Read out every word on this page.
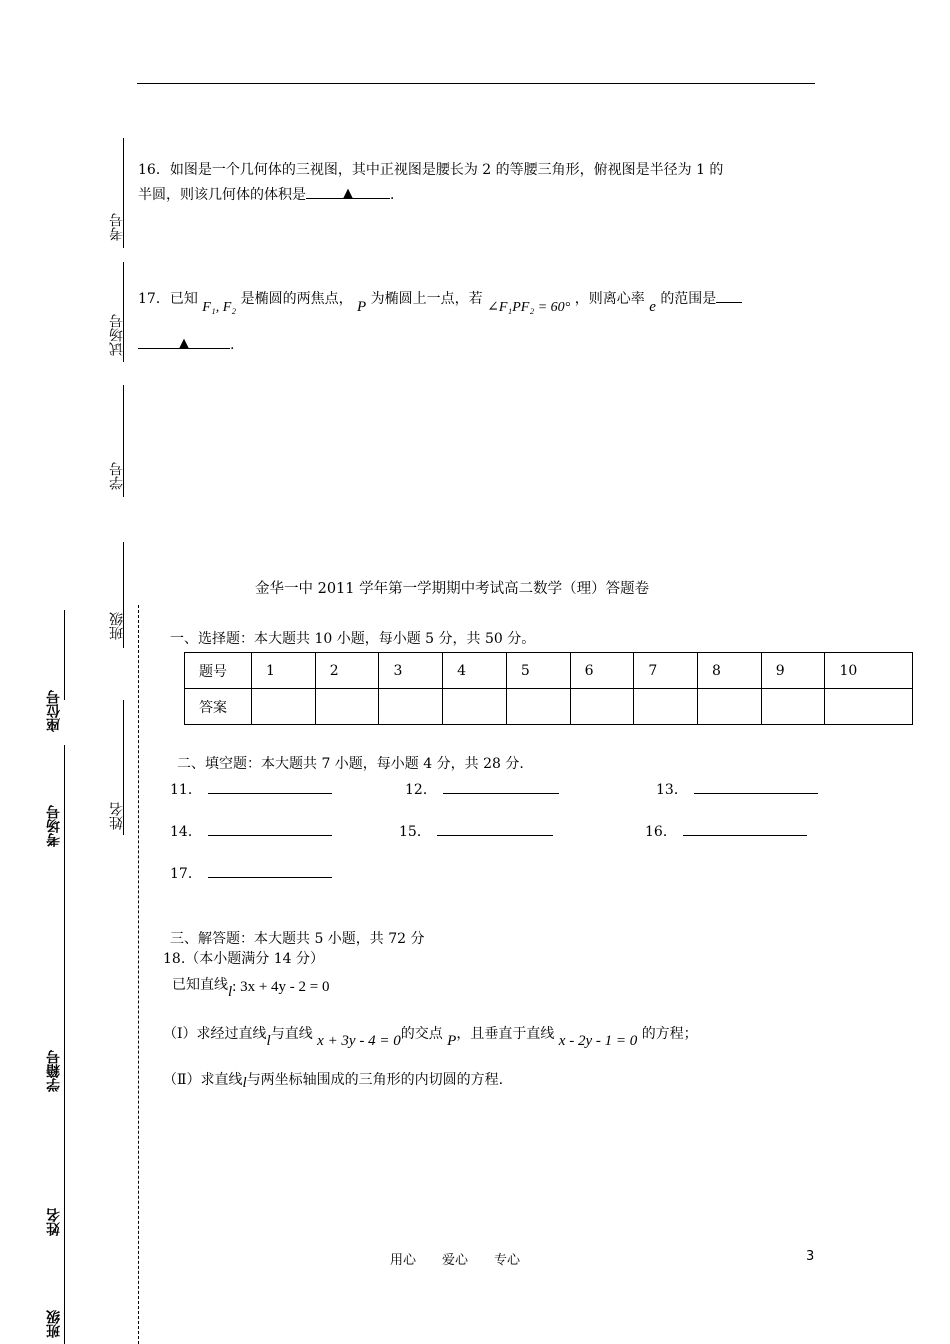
16．如图是一个几何体的三视图，其中正视图是腰长为 2 的等腰三角形，俯视图是半径为 1 的
半圆，则该几何体的体积是	▲	．
17．已知 F₁, F₂ 是椭圆的两焦点， P 为椭圆上一点，若 ∠F₁PF₂ = 60° ，则离心率 e 的范围是
▲	.
考号
试场号
学号
班级
姓名
座位号
考场号
学籍号
姓名
班级
金华一中 2011 学年第一学期期中考试高二数学（理）答题卷
一、选择题：本大题共 10 小题，每小题 5 分，共 50 分。
题号	1	2	3	4	5	6	7	8	9	10
答案										
二、填空题：本大题共 7 小题，每小题 4 分，共 28 分.
11．	12．	13．
14．	15．	16．
17．
三、解答题：本大题共 5 小题，共 72 分
18.（本小题满分 14 分）
已知直线l: 3x + 4y - 2 = 0
（Ⅰ）求经过直线l与直线 x + 3y - 4 = 0的交点 P，且垂直于直线 x - 2y - 1 = 0 的方程；
（Ⅱ）求直线l与两坐标轴围成的三角形的内切圆的方程.
用心　　爱心　　专心	3
